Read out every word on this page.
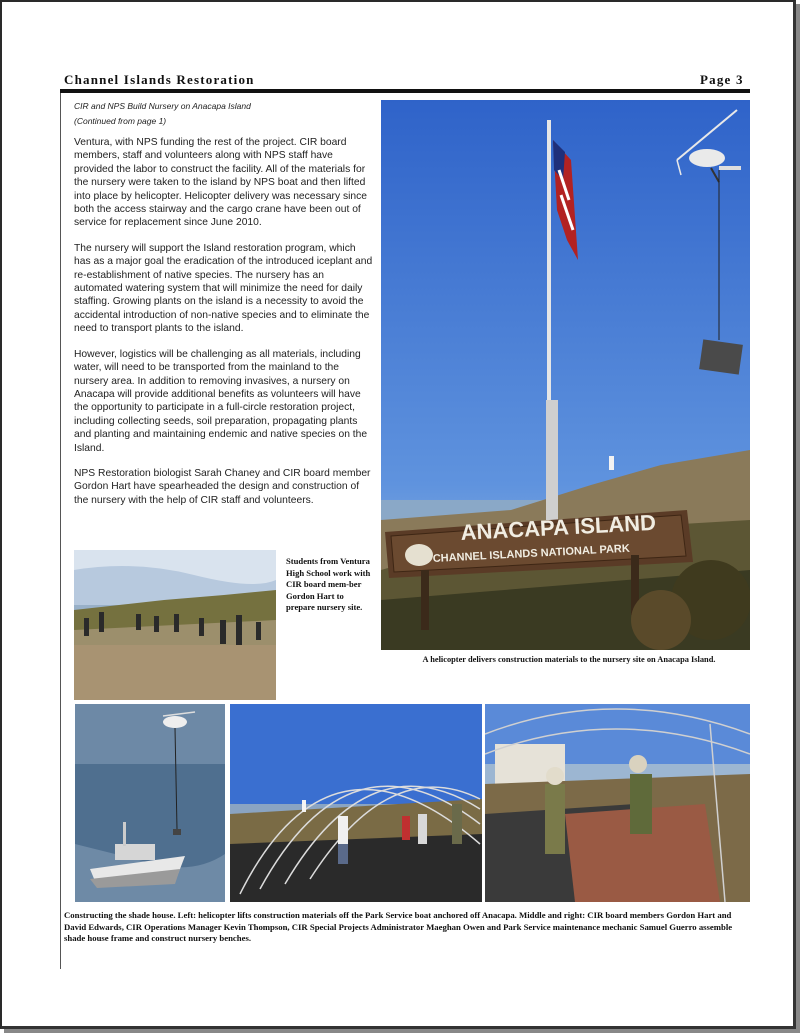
Channel Islands Restoration	Page 3
CIR and NPS Build Nursery on Anacapa Island
(Continued from page 1)

Ventura, with NPS funding the rest of the project. CIR board members, staff and volunteers along with NPS staff have provided the labor to construct the facility. All of the materials for the nursery were taken to the island by NPS boat and then lifted into place by helicopter. Helicopter delivery was necessary since both the access stairway and the cargo crane have been out of service for replacement since June 2010.

The nursery will support the Island restoration program, which has as a major goal the eradication of the introduced iceplant and re-establishment of native species. The nursery has an automated watering system that will minimize the need for daily staffing. Growing plants on the island is a necessity to avoid the accidental introduction of non-native species and to eliminate the need to transport plants to the island.

However, logistics will be challenging as all materials, including water, will need to be transported from the mainland to the nursery area. In addition to removing invasives, a nursery on Anacapa will provide additional benefits as volunteers will have the opportunity to participate in a full-circle restoration project, including collecting seeds, soil preparation, propagating plants and planting and maintaining endemic and native species on the Island.

NPS Restoration biologist Sarah Chaney and CIR board member Gordon Hart have spearheaded the design and construction of the nursery with the help of CIR staff and volunteers.

ANACAPA ISLAND
CHANNEL ISLANDS NATIONAL PARK
A helicopter delivers construction materials to the nursery site on Anacapa Island.
Students from Ventura High School work with CIR board mem-ber Gordon Hart to prepare nursery site.
Constructing the shade house. Left: helicopter lifts construction materials off the Park Service boat anchored off Anacapa. Middle and right: CIR board members Gordon Hart and David Edwards, CIR Operations Manager Kevin Thompson, CIR Special Projects Administrator Maeghan Owen and Park Service maintenance mechanic Samuel Guerro assemble shade house frame and construct nursery benches.
